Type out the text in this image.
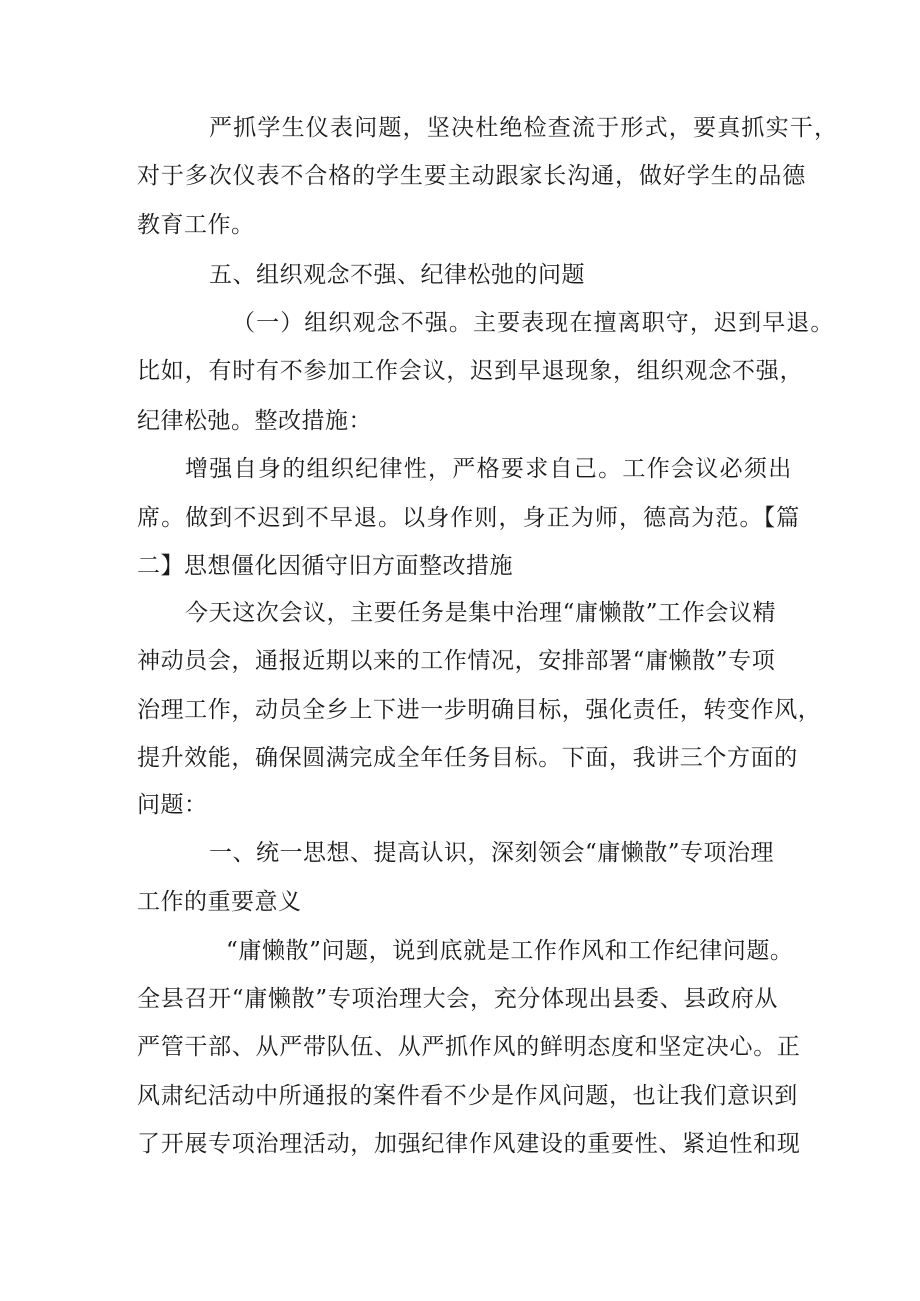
严抓学生仪表问题，坚决杜绝检查流于形式，要真抓实干，
对于多次仪表不合格的学生要主动跟家长沟通，做好学生的品德
教育工作。
五、组织观念不强、纪律松弛的问题
（一）组织观念不强。主要表现在擅离职守，迟到早退。
比如，有时有不参加工作会议，迟到早退现象，组织观念不强，
纪律松弛。整改措施：
增强自身的组织纪律性，严格要求自己。工作会议必须出
席。做到不迟到不早退。以身作则，身正为师，德高为范。【篇
二】思想僵化因循守旧方面整改措施
今天这次会议，主要任务是集中治理“庸懒散”工作会议精
神动员会，通报近期以来的工作情况，安排部署“庸懒散”专项
治理工作，动员全乡上下进一步明确目标，强化责任，转变作风，
提升效能，确保圆满完成全年任务目标。下面，我讲三个方面的
问题：
一、统一思想、提高认识，深刻领会“庸懒散”专项治理
工作的重要意义
“庸懒散”问题，说到底就是工作作风和工作纪律问题。
全县召开“庸懒散”专项治理大会，充分体现出县委、县政府从
严管干部、从严带队伍、从严抓作风的鲜明态度和坚定决心。正
风肃纪活动中所通报的案件看不少是作风问题，也让我们意识到
了开展专项治理活动，加强纪律作风建设的重要性、紧迫性和现
